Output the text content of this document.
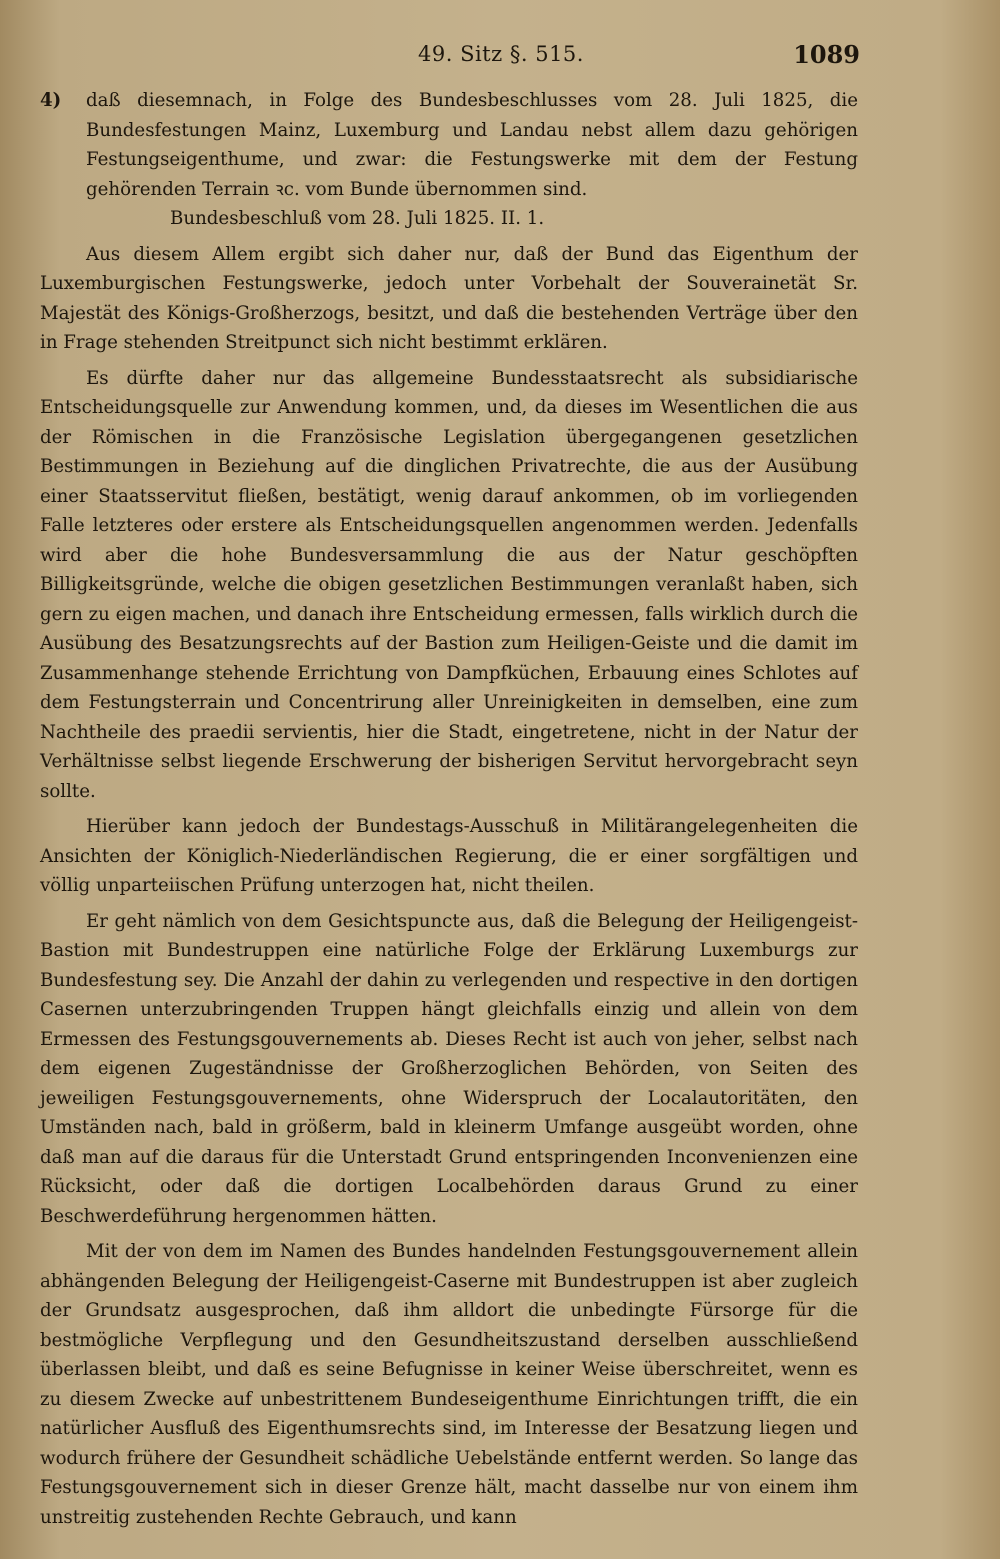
49. Sitz §. 515.	1089

4) daß diesemnach, in Folge des Bundesbeschlusses vom 28. Juli 1825, die Bundesfestungen Mainz, Luxemburg und Landau nebst allem dazu gehörigen Festungseigenthume, und zwar: die Festungswerke mit dem der Festung gehörenden Terrain ꝛc. vom Bunde übernommen sind.

Bundesbeschluß vom 28. Juli 1825. II. 1.

Aus diesem Allem ergibt sich daher nur, daß der Bund das Eigenthum der Luxemburgischen Festungswerke, jedoch unter Vorbehalt der Souverainetät Sr. Majestät des Königs-Großherzogs, besitzt, und daß die bestehenden Verträge über den in Frage stehenden Streitpunct sich nicht bestimmt erklären.

Es dürfte daher nur das allgemeine Bundesstaatsrecht als subsidiarische Entscheidungsquelle zur Anwendung kommen, und, da dieses im Wesentlichen die aus der Römischen in die Französische Legislation übergegangenen gesetzlichen Bestimmungen in Beziehung auf die dinglichen Privatrechte, die aus der Ausübung einer Staatsservitut fließen, bestätigt, wenig darauf ankommen, ob im vorliegenden Falle letzteres oder erstere als Entscheidungsquellen angenommen werden. Jedenfalls wird aber die hohe Bundesversammlung die aus der Natur geschöpften Billigkeitsgründe, welche die obigen gesetzlichen Bestimmungen veranlaßt haben, sich gern zu eigen machen, und danach ihre Entscheidung ermessen, falls wirklich durch die Ausübung des Besatzungsrechts auf der Bastion zum Heiligen-Geiste und die damit im Zusammenhange stehende Errichtung von Dampfküchen, Erbauung eines Schlotes auf dem Festungsterrain und Concentrirung aller Unreinigkeiten in demselben, eine zum Nachtheile des praedii servientis, hier die Stadt, eingetretene, nicht in der Natur der Verhältnisse selbst liegende Erschwerung der bisherigen Servitut hervorgebracht seyn sollte.

Hierüber kann jedoch der Bundestags-Ausschuß in Militärangelegenheiten die Ansichten der Königlich-Niederländischen Regierung, die er einer sorgfältigen und völlig unparteiischen Prüfung unterzogen hat, nicht theilen.

Er geht nämlich von dem Gesichtspuncte aus, daß die Belegung der Heiligengeist-Bastion mit Bundestruppen eine natürliche Folge der Erklärung Luxemburgs zur Bundesfestung sey. Die Anzahl der dahin zu verlegenden und respective in den dortigen Casernen unterzubringenden Truppen hängt gleichfalls einzig und allein von dem Ermessen des Festungsgouvernements ab. Dieses Recht ist auch von jeher, selbst nach dem eigenen Zugeständnisse der Großherzoglichen Behörden, von Seiten des jeweiligen Festungsgouvernements, ohne Widerspruch der Localautoritäten, den Umständen nach, bald in größerm, bald in kleinerm Umfange ausgeübt worden, ohne daß man auf die daraus für die Unterstadt Grund entspringenden Inconvenienzen eine Rücksicht, oder daß die dortigen Localbehörden daraus Grund zu einer Beschwerdeführung hergenommen hätten.

Mit der von dem im Namen des Bundes handelnden Festungsgouvernement allein abhängenden Belegung der Heiligengeist-Caserne mit Bundestruppen ist aber zugleich der Grundsatz ausgesprochen, daß ihm alldort die unbedingte Fürsorge für die bestmögliche Verpflegung und den Gesundheitszustand derselben ausschließend überlassen bleibt, und daß es seine Befugnisse in keiner Weise überschreitet, wenn es zu diesem Zwecke auf unbestrittenem Bundeseigenthume Einrichtungen trifft, die ein natürlicher Ausfluß des Eigenthumsrechts sind, im Interesse der Besatzung liegen und wodurch frühere der Gesundheit schädliche Uebelstände entfernt werden. So lange das Festungsgouvernement sich in dieser Grenze hält, macht dasselbe nur von einem ihm unstreitig zustehenden Rechte Gebrauch, und kann
